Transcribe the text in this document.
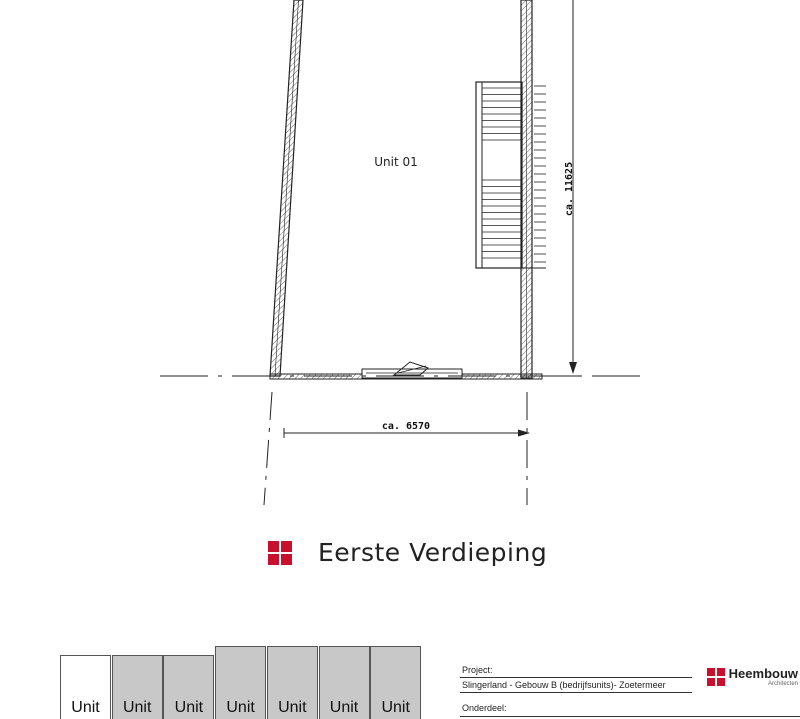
ca. 11625
ca. 6570
Unit 01
Eerste Verdieping
Unit	Unit	Unit	Unit	Unit	Unit	Unit
Project:
Slingerland - Gebouw B (bedrijfsunits)- Zoetermeer
Onderdeel:
Heembouw
Architecten
